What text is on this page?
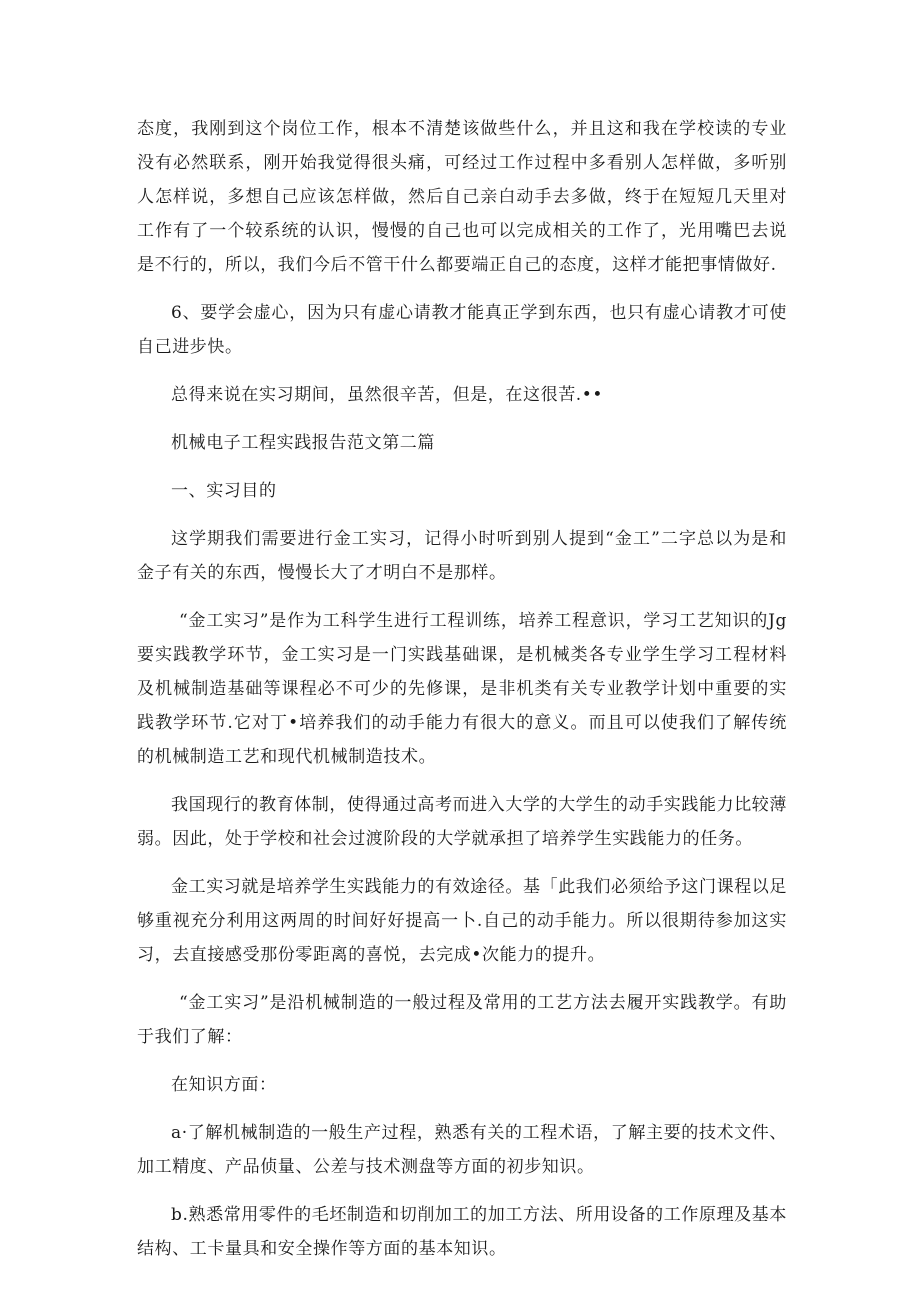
态度，我刚到这个岗位工作，根本不清楚该做些什么，并且这和我在学校读的专业没有必然联系，刚开始我觉得很头痛，可经过工作过程中多看别人怎样做，多听别人怎样说，多想自己应该怎样做，然后自己亲白动手去多做，终于在短短几天里对工作有了一个较系统的认识，慢慢的自己也可以完成相关的工作了，光用嘴巴去说是不行的，所以，我们今后不管干什么都要端正自己的态度，这样才能把事情做好.

6、要学会虚心，因为只有虚心请教才能真正学到东西，也只有虚心请教才可使自己进步快。

总得来说在实习期间，虽然很辛苦，但是，在这很苦.••

机械电子工程实践报告范文第二篇

一、实习目的

这学期我们需要进行金工实习，记得小时听到别人提到“金工”二字总以为是和金子有关的东西，慢慢长大了才明白不是那样。

“金工实习”是作为工科学生进行工程训练，培养工程意识，学习工艺知识的Jg要实践教学环节，金工实习是一门实践基础课，是机械类各专业学生学习工程材料及机械制造基础等课程必不可少的先修课，是非机类有关专业教学计划中重要的实践教学环节.它对丁•培养我们的动手能力有很大的意义。而且可以使我们了解传统的机械制造工艺和现代机械制造技术。

我国现行的教育体制，使得通过高考而进入大学的大学生的动手实践能力比较薄弱。因此，处于学校和社会过渡阶段的大学就承担了培养学生实践能力的任务。

金工实习就是培养学生实践能力的有效途径。基「此我们必须给予这门课程以足够重视充分利用这两周的时间好好提高一卜.自己的动手能力。所以很期待参加这实习，去直接感受那份零距离的喜悦，去完成•次能力的提升。

“金工实习”是沿机械制造的一般过程及常用的工艺方法去履开实践教学。有助于我们了解：

在知识方面：

a·了解机械制造的一般生产过程，熟悉有关的工程术语，了解主要的技术文件、加工精度、产品侦量、公差与技术测盘等方面的初步知识。

b.熟悉常用零件的毛坯制造和切削加工的加工方法、所用设备的工作原理及基本结构、工卡量具和安全操作等方面的基本知识。
